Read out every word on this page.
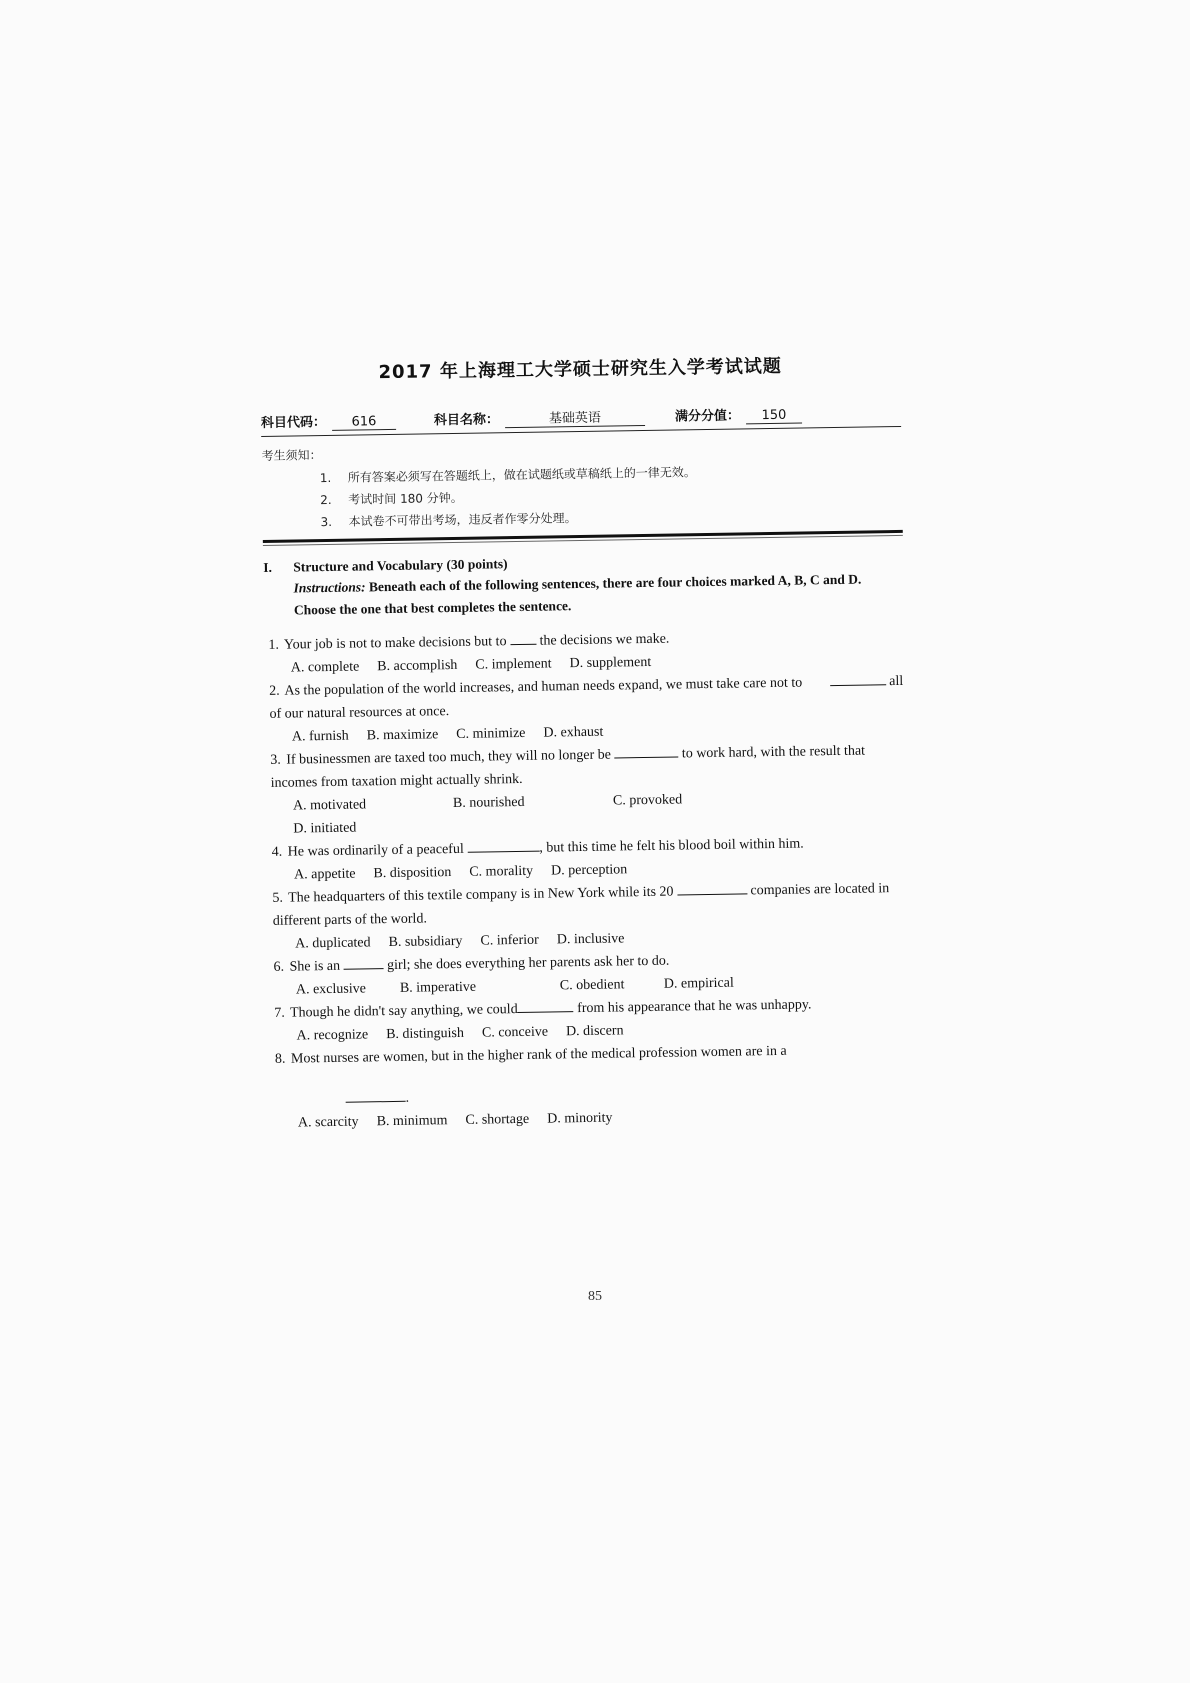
2017 年上海理工大学硕士研究生入学考试试题
科目代码：	616	科目名称：	基础英语	满分分值：	150
考生须知：
1.	所有答案必须写在答题纸上，做在试题纸或草稿纸上的一律无效。
2.	考试时间 180 分钟。
3.	本试卷不可带出考场，违反者作零分处理。
I.	Structure and Vocabulary (30 points)
Instructions: Beneath each of the following sentences, there are four choices marked A, B, C and D. Choose the one that best completes the sentence.
1. Your job is not to make decisions but to the decisions we make.
A. complete B. accomplish C. implement D. supplement
2. As the population of the world increases, and human needs expand, we must take care not to	all of our natural resources at once.
A. furnish B. maximize C. minimize D. exhaust
3. If businessmen are taxed too much, they will no longer be	to work hard, with the result that incomes from taxation might actually shrink.
A. motivated	B. nourished	C. provoked
D. initiated
4. He was ordinarily of a peaceful	, but this time he felt his blood boil within him.
A. appetite B. disposition C. morality D. perception
5. The headquarters of this textile company is in New York while its 20	companies are located in different parts of the world.
A. duplicated B. subsidiary C. inferior D. inclusive
6. She is an	girl; she does everything her parents ask her to do.
A. exclusive	B. imperative	C. obedient	D. empirical
7. Though he didn't say anything, we could	from his appearance that he was unhappy.
A. recognize B. distinguish C. conceive D. discern
8. Most nurses are women, but in the higher rank of the medical profession women are in a
.
A. scarcity B. minimum C. shortage D. minority
85
